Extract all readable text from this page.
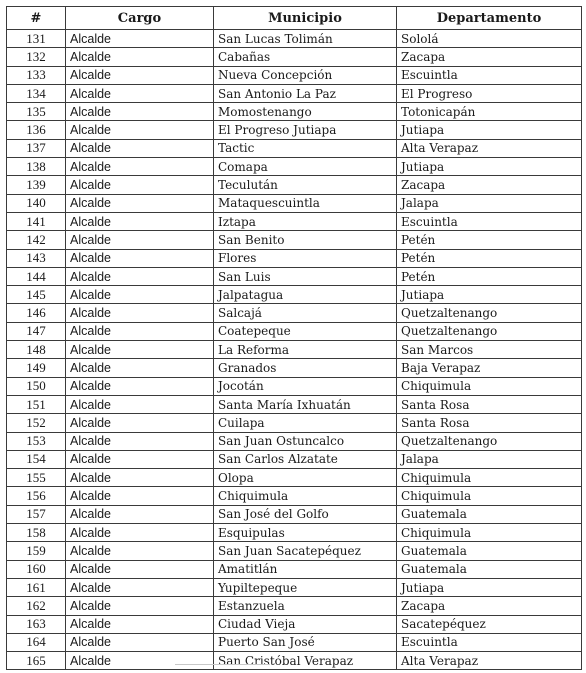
#	Cargo	Municipio	Departamento
131	Alcalde	San Lucas Tolimán	Sololá
132	Alcalde	Cabañas	Zacapa
133	Alcalde	Nueva Concepción	Escuintla
134	Alcalde	San Antonio La Paz	El Progreso
135	Alcalde	Momostenango	Totonicapán
136	Alcalde	El Progreso Jutiapa	Jutiapa
137	Alcalde	Tactic	Alta Verapaz
138	Alcalde	Comapa	Jutiapa
139	Alcalde	Teculután	Zacapa
140	Alcalde	Mataquescuintla	Jalapa
141	Alcalde	Iztapa	Escuintla
142	Alcalde	San Benito	Petén
143	Alcalde	Flores	Petén
144	Alcalde	San Luis	Petén
145	Alcalde	Jalpatagua	Jutiapa
146	Alcalde	Salcajá	Quetzaltenango
147	Alcalde	Coatepeque	Quetzaltenango
148	Alcalde	La Reforma	San Marcos
149	Alcalde	Granados	Baja Verapaz
150	Alcalde	Jocotán	Chiquimula
151	Alcalde	Santa María Ixhuatán	Santa Rosa
152	Alcalde	Cuilapa	Santa Rosa
153	Alcalde	San Juan Ostuncalco	Quetzaltenango
154	Alcalde	San Carlos Alzatate	Jalapa
155	Alcalde	Olopa	Chiquimula
156	Alcalde	Chiquimula	Chiquimula
157	Alcalde	San José del Golfo	Guatemala
158	Alcalde	Esquipulas	Chiquimula
159	Alcalde	San Juan Sacatepéquez	Guatemala
160	Alcalde	Amatitlán	Guatemala
161	Alcalde	Yupiltepeque	Jutiapa
162	Alcalde	Estanzuela	Zacapa
163	Alcalde	Ciudad Vieja	Sacatepéquez
164	Alcalde	Puerto San José	Escuintla
165	Alcalde	San Cristóbal Verapaz	Alta Verapaz
